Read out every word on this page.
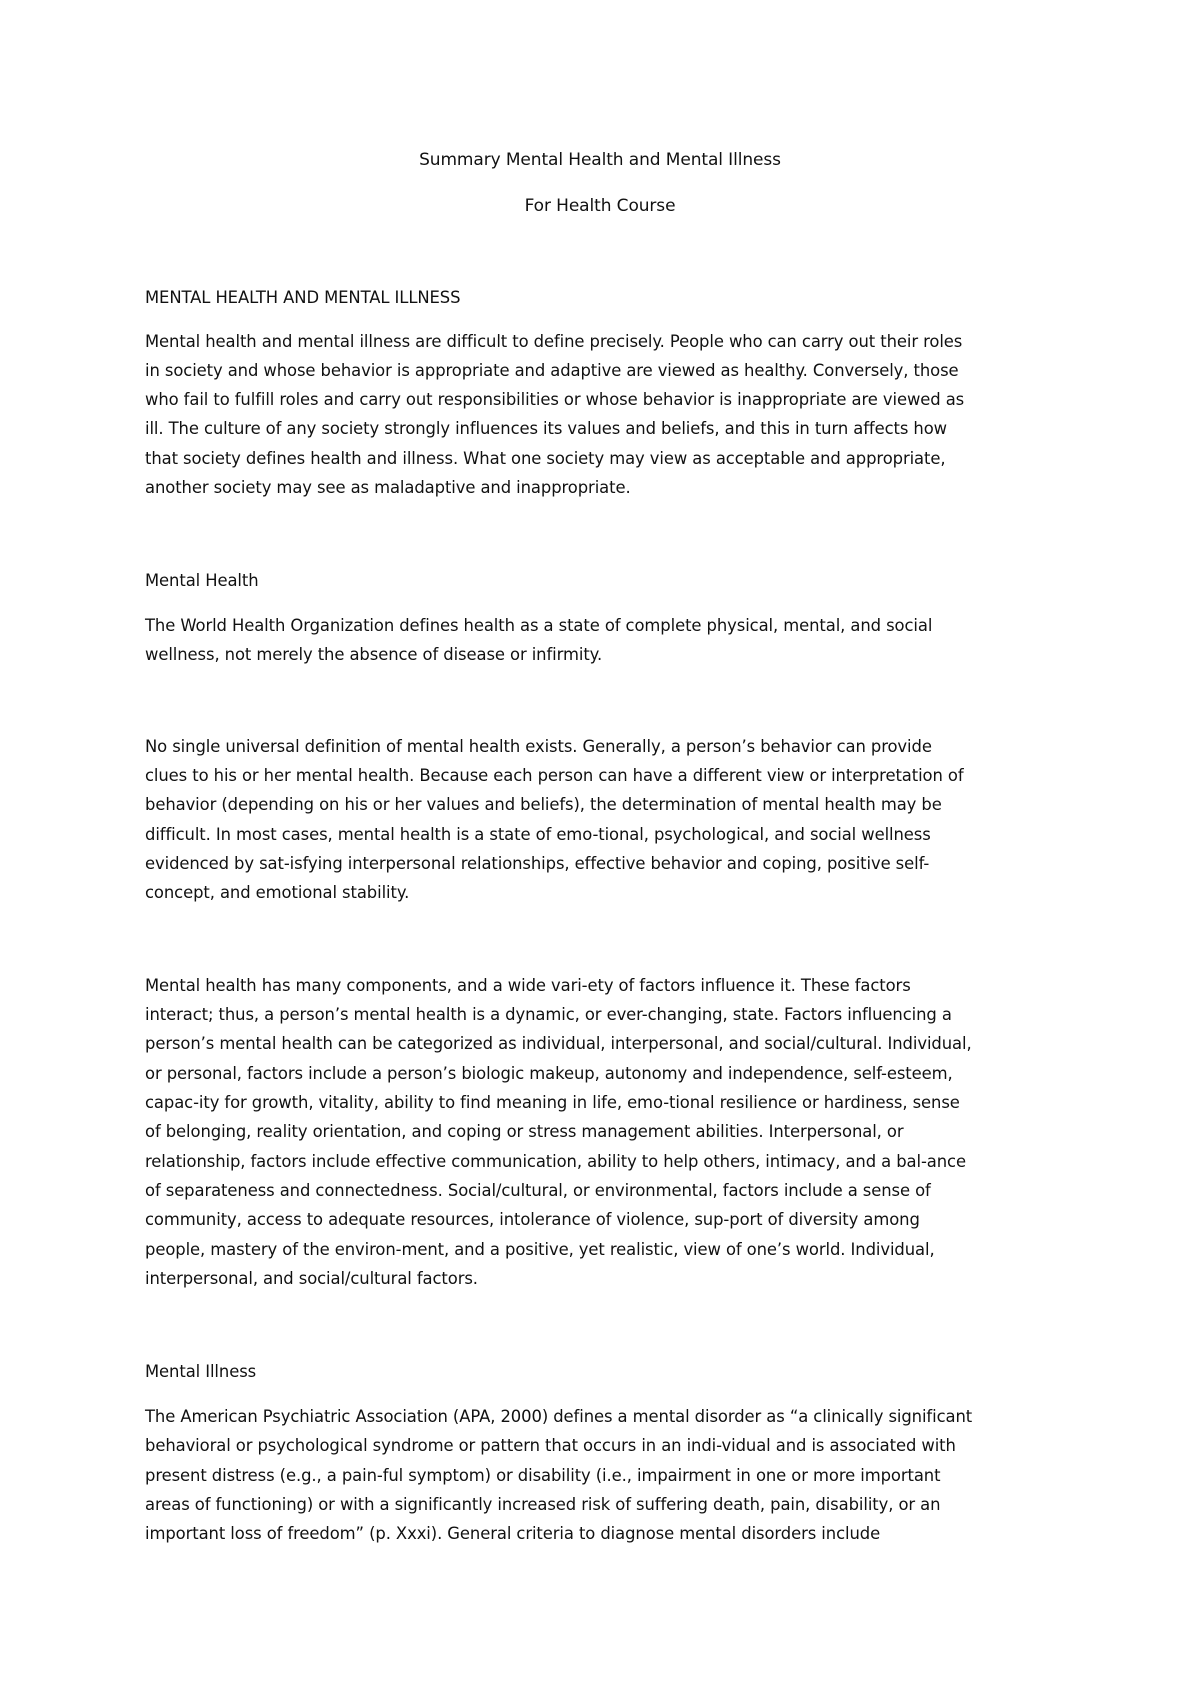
Summary Mental Health and Mental Illness
For Health Course
MENTAL HEALTH AND MENTAL ILLNESS
Mental health and mental illness are difficult to define precisely. People who can carry out their roles
in society and whose behavior is appropriate and adaptive are viewed as healthy. Conversely, those
who fail to fulfill roles and carry out responsibilities or whose behavior is inappropriate are viewed as
ill. The culture of any society strongly influences its values and beliefs, and this in turn affects how
that society defines health and illness. What one society may view as acceptable and appropriate,
another society may see as maladaptive and inappropriate.
Mental Health
The World Health Organization defines health as a state of complete physical, mental, and social
wellness, not merely the absence of disease or infirmity.
No single universal definition of mental health exists. Generally, a person’s behavior can provide
clues to his or her mental health. Because each person can have a different view or interpretation of
behavior (depending on his or her values and beliefs), the determination of mental health may be
difficult. In most cases, mental health is a state of emo-tional, psychological, and social wellness
evidenced by sat-isfying interpersonal relationships, effective behavior and coping, positive self-
concept, and emotional stability.
Mental health has many components, and a wide vari-ety of factors influence it. These factors
interact; thus, a person’s mental health is a dynamic, or ever-changing, state. Factors influencing a
person’s mental health can be categorized as individual, interpersonal, and social/cultural. Individual,
or personal, factors include a person’s biologic makeup, autonomy and independence, self-esteem,
capac-ity for growth, vitality, ability to find meaning in life, emo-tional resilience or hardiness, sense
of belonging, reality orientation, and coping or stress management abilities. Interpersonal, or
relationship, factors include effective communication, ability to help others, intimacy, and a bal-ance
of separateness and connectedness. Social/cultural, or environmental, factors include a sense of
community, access to adequate resources, intolerance of violence, sup-port of diversity among
people, mastery of the environ-ment, and a positive, yet realistic, view of one’s world. Individual,
interpersonal, and social/cultural factors.
Mental Illness
The American Psychiatric Association (APA, 2000) defines a mental disorder as “a clinically significant
behavioral or psychological syndrome or pattern that occurs in an indi-vidual and is associated with
present distress (e.g., a pain-ful symptom) or disability (i.e., impairment in one or more important
areas of functioning) or with a significantly increased risk of suffering death, pain, disability, or an
important loss of freedom” (p. Xxxi). General criteria to diagnose mental disorders include
